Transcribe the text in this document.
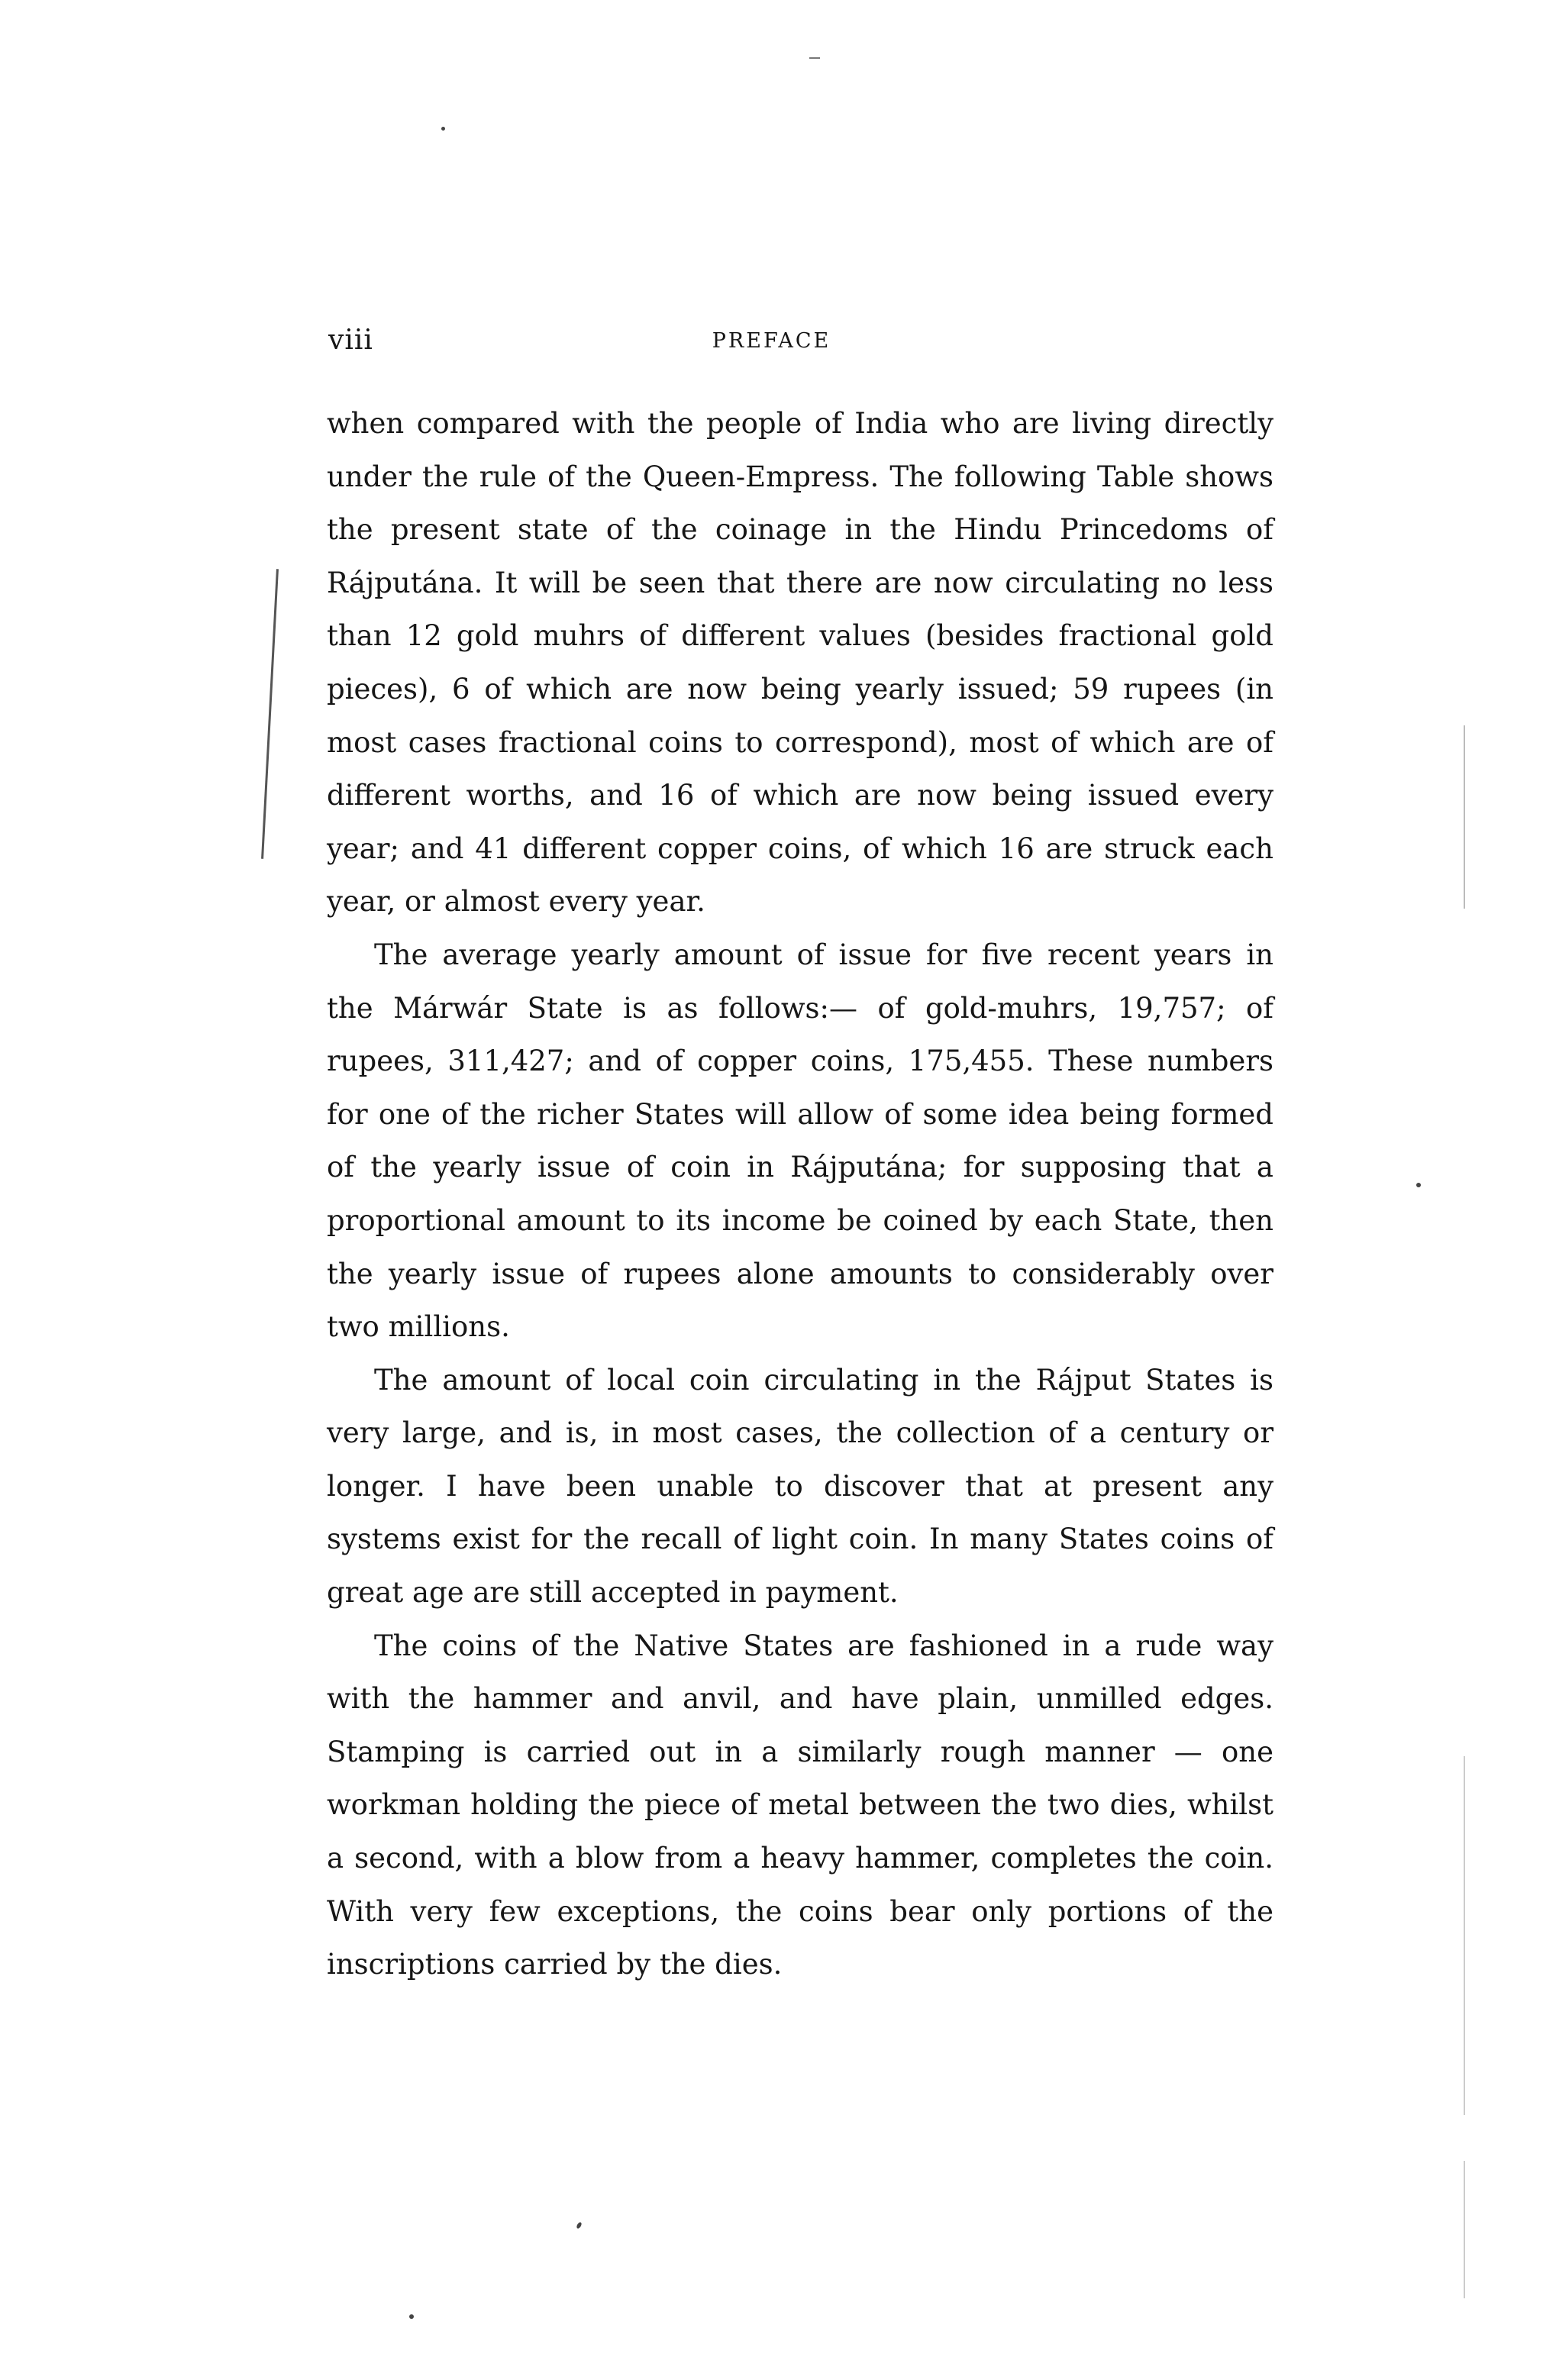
viii	PREFACE

when compared with the people of India who are living directly under the rule of the Queen-Empress. The following Table shows the present state of the coinage in the Hindu Princedoms of Rájputána. It will be seen that there are now circulating no less than 12 gold muhrs of different values (besides fractional gold pieces), 6 of which are now being yearly issued; 59 rupees (in most cases fractional coins to correspond), most of which are of different worths, and 16 of which are now being issued every year; and 41 different copper coins, of which 16 are struck each year, or almost every year.

The average yearly amount of issue for five recent years in the Márwár State is as follows:— of gold-muhrs, 19,757; of rupees, 311,427; and of copper coins, 175,455. These numbers for one of the richer States will allow of some idea being formed of the yearly issue of coin in Rájputána; for supposing that a proportional amount to its income be coined by each State, then the yearly issue of rupees alone amounts to considerably over two millions.

The amount of local coin circulating in the Rájput States is very large, and is, in most cases, the collection of a century or longer. I have been unable to discover that at present any systems exist for the recall of light coin. In many States coins of great age are still accepted in payment.

The coins of the Native States are fashioned in a rude way with the hammer and anvil, and have plain, unmilled edges. Stamping is carried out in a similarly rough manner — one workman holding the piece of metal between the two dies, whilst a second, with a blow from a heavy hammer, completes the coin. With very few exceptions, the coins bear only portions of the inscriptions carried by the dies.
